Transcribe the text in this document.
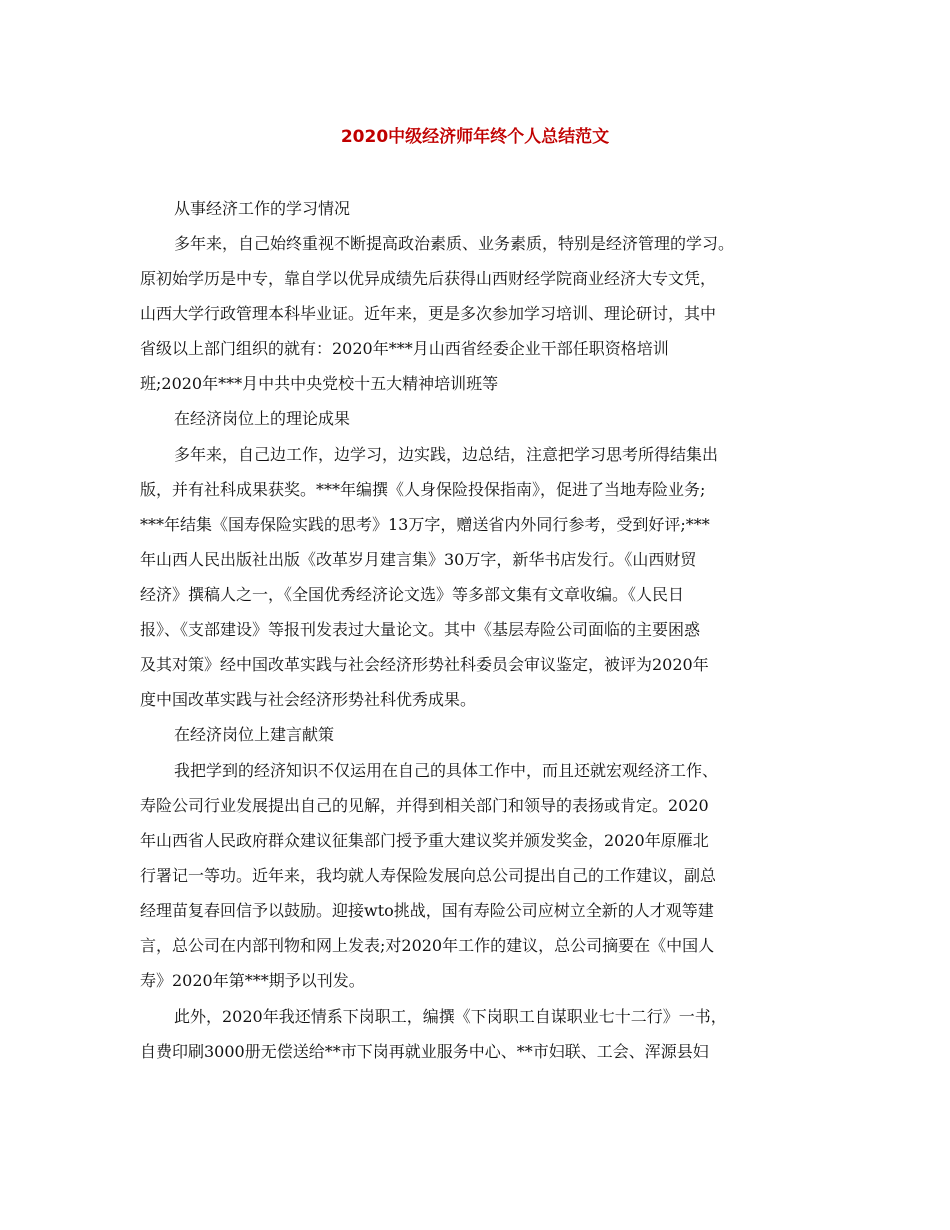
2020中级经济师年终个人总结范文
从事经济工作的学习情况
多年来，自己始终重视不断提高政治素质、业务素质，特别是经济管理的学习。
原初始学历是中专，靠自学以优异成绩先后获得山西财经学院商业经济大专文凭，
山西大学行政管理本科毕业证。近年来，更是多次参加学习培训、理论研讨，其中
省级以上部门组织的就有：2020年***月山西省经委企业干部任职资格培训
班;2020年***月中共中央党校十五大精神培训班等
在经济岗位上的理论成果
多年来，自己边工作，边学习，边实践，边总结，注意把学习思考所得结集出
版，并有社科成果获奖。***年编撰《人身保险投保指南》，促进了当地寿险业务;
***年结集《国寿保险实践的思考》13万字，赠送省内外同行参考，受到好评;***
年山西人民出版社出版《改革岁月建言集》30万字，新华书店发行。《山西财贸
经济》撰稿人之一，《全国优秀经济论文选》等多部文集有文章收编。《人民日
报》、《支部建设》等报刊发表过大量论文。其中《基层寿险公司面临的主要困惑
及其对策》经中国改革实践与社会经济形势社科委员会审议鉴定，被评为2020年
度中国改革实践与社会经济形势社科优秀成果。
在经济岗位上建言献策
我把学到的经济知识不仅运用在自己的具体工作中，而且还就宏观经济工作、
寿险公司行业发展提出自己的见解，并得到相关部门和领导的表扬或肯定。2020
年山西省人民政府群众建议征集部门授予重大建议奖并颁发奖金，2020年原雁北
行署记一等功。近年来，我均就人寿保险发展向总公司提出自己的工作建议，副总
经理苗复春回信予以鼓励。迎接wto挑战，国有寿险公司应树立全新的人才观等建
言，总公司在内部刊物和网上发表;对2020年工作的建议，总公司摘要在《中国人
寿》2020年第***期予以刊发。
此外，2020年我还情系下岗职工，编撰《下岗职工自谋职业七十二行》一书，
自费印刷3000册无偿送给**市下岗再就业服务中心、**市妇联、工会、浑源县妇
